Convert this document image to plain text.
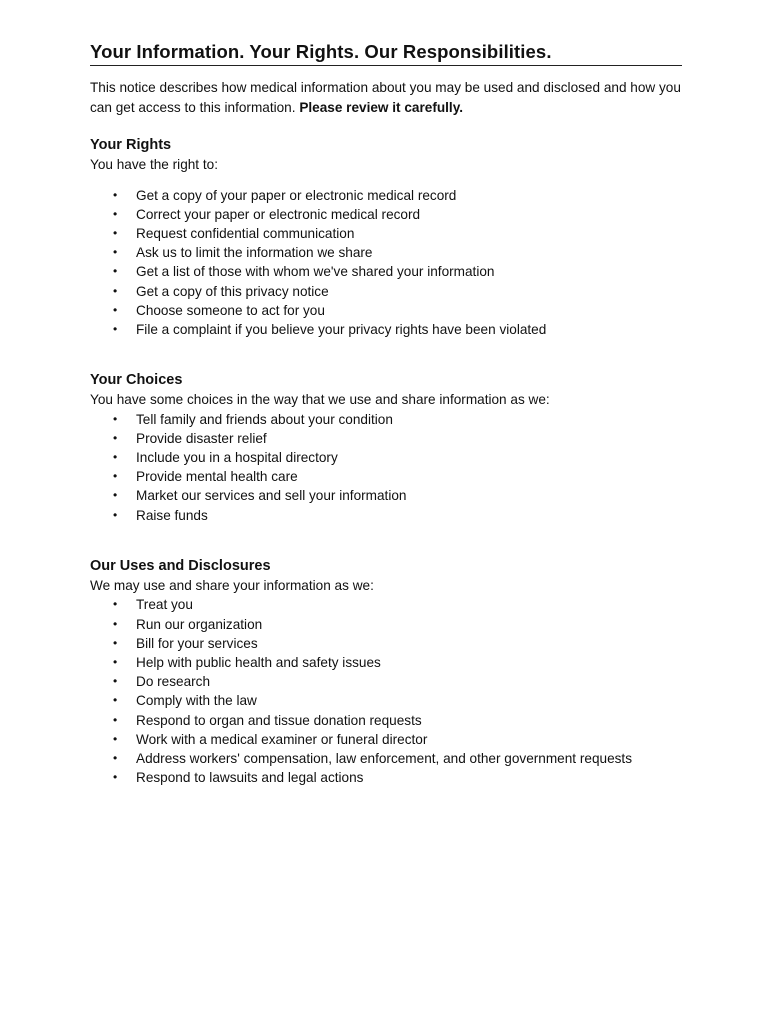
Your Information. Your Rights. Our Responsibilities.

This notice describes how medical information about you may be used and disclosed and how you can get access to this information. Please review it carefully.

Your Rights

You have the right to:

• Get a copy of your paper or electronic medical record
• Correct your paper or electronic medical record
• Request confidential communication
• Ask us to limit the information we share
• Get a list of those with whom we've shared your information
• Get a copy of this privacy notice
• Choose someone to act for you
• File a complaint if you believe your privacy rights have been violated
Your Choices

You have some choices in the way that we use and share information as we:

• Tell family and friends about your condition
• Provide disaster relief
• Include you in a hospital directory
• Provide mental health care
• Market our services and sell your information
• Raise funds
Our Uses and Disclosures

We may use and share your information as we:

• Treat you
• Run our organization
• Bill for your services
• Help with public health and safety issues
• Do research
• Comply with the law
• Respond to organ and tissue donation requests
• Work with a medical examiner or funeral director
• Address workers' compensation, law enforcement, and other government requests
• Respond to lawsuits and legal actions
